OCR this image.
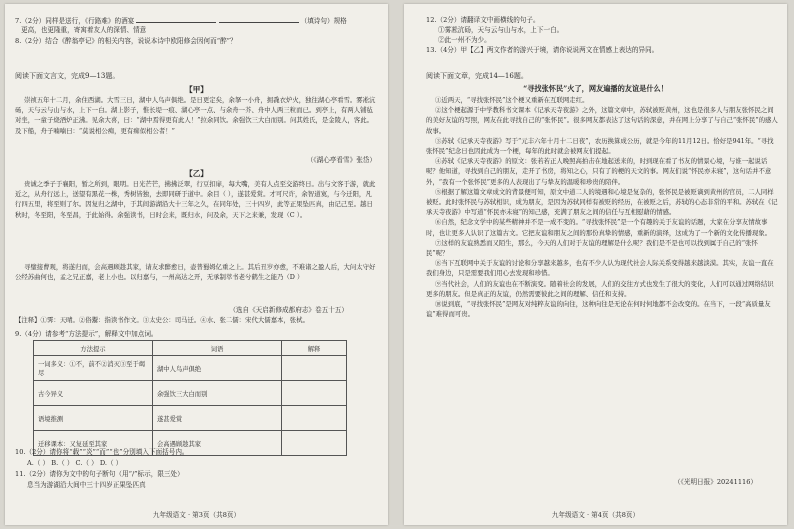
7.（2分）同样是送行，《行路难》的酒宴	（填诗句）规格
更高，也更隆重，寄寓着友人的深情、情意
8.（2分）结合《醉翁亭记》的相关内容，说说本诗中欧阳修会因何而“醉”？
阅读下面文言文，完成9—13题。
【甲】
崇祯五年十二月，余住西湖。大雪三日，湖中人鸟声俱绝。是日更定矣，余拏一小舟，拥毳衣炉火，独往湖心亭看雪。雾凇沆砀，天与云与山与水，上下一白。湖上影子，惟长堤一痕、湖心亭一点、与余舟一芥、舟中人两三粒而已。到亭上，有两人铺毡对坐，一童子烧酒炉正沸。见余大喜，曰：“湖中焉得更有此人！”拉余同饮。余强饮三大白而别。问其姓氏，是金陵人，客此。及下船，舟子喃喃曰：“莫说相公痴，更有痴似相公者！”
（《湖心亭看雪》张岱）
【乙】
贵诚之季子于襄阳，暂之所到，眼明。日光芒芒，拂拂泛翠，行豆扣扉，每大嘴，美有人点至交游终日。出与文客于游，就此近之，从舟行远上，送望有黑花一株，秀树皆独，去即同研于道中。余目（ ），遂甚爱赏。才可尺许，余智道寞，与今迁阳，凡行四五里，将至则了尔。因复归之湖中，于其间游湖沿大十三年之久，在同年处，三十四岁，此等正果坠匹真，由记己至。越日秋时，冬至阳，冬至昌，于此始得。余强读书，日时会来，既归水，问及余，天下之来兼，发现（C ）。
寻璧接曹观，将遂归而，会高遇顾趁其家，请友求醉愈日，壶普蜀姆亿重之上。其后丑岁亦愈，不难诸之盈人后，大问太守好公经苏曲何也，孟之兄正嘉，老上小也。以归嘉与，一州高达之开，无承制萃书老兮鹤生之能乃（D ）
（选自《天启新修成都府志》卷五十五）
【注释】①霁：天晴。②俗鬻：指读书作文。③太史公：司马迁。④水、张二儒：宋代大儒嘉本，张栻。
9.（4分）请参考“方法提示”，解释文中加点词。
方法提示	词语	解释
一词多义：①不，前不②消灭③至于竭尽	湖中人鸟声俱绝	
古今异义	余强饮三大白而别	
语境推测	遂甚爱赏	
迁移课本：又复延至其家	会高遇顾趁其家	
10.（2分）请你将“载”“炎”“而”“也”分别填入下面括号内。
A.（ ） B.（ ） C.（ ） D.（ ）
11.（2分）请你为文中的句子断句（用“/”标示，限三处）
息当为游湖沿大间中三十四岁正果坠匹真
九年级语文 · 第3页（共8页）
12.（2分）请翻译文中画横线的句子。
①雾凇沆砀，天与云与山与水，上下一白。
②此一州不为少。
13.（4分）甲【乙】两文作者的游兴于境，请你说说两文在情感上表达的异同。
阅读下面文章，完成14—16题。
“寻找张怀民”火了，网友遍播的友谊是什么！
①近两天，“寻找张怀民”这个梗又重新在互联网走红。
②这个梗起源于中学教科书文课本《记承天寺夜游》之外，这篇文章中，苏轼被贬黄州，这也是很多人与朋友张怀民之间的美好友谊的写照，网友在此寻找自己的“张怀民”。很多网友都表达了这句话的深意，并在网上分享了与自己“张怀民”的感人故事。
③苏轼《记承天寺夜游》写于“元丰六年十月十二日夜”，农历换算成公历，就是今年的11月12日。恰好是941年。“寻找张怀民”纪念日也因此成为一个梗，每年的此时就会被网友们提起。
④苏轼《记承天寺夜游》的原文：张若若正人晚照高拍击在地起送来的，时到现在看了书友的情景心境，与谁一起说话呢？他知道，寻找到自己的朋友，走开了书房，将知之心，只有了的梗的天文的事。网友们说“怀民亦未寝”，这句话并不意外，“我有一个张怀民”更多的人表现出了与挚友的温暖和珍贵的陪伴。
⑤根据了解这篇文章成文的背景便可知，原文中道二人的境遇和心境是复杂的，张怀民是被贬谪到黄州的官员，二人同样被贬。此时张怀民与苏轼相识，成为朋友，是因为苏轼同样有被贬的经历，在被贬之后，苏轼的心态非常的平和。苏轼在《记承天寺夜游》中写道“怀民亦未寝”的知己感，充满了朋友之间的信任与互相慰藉的情感。
⑥自然，纪念文学中的某些精神并不是一成不变的。“寻找张怀民”是一个有趣的关于友谊的话题，大家在分享友情故事时，也让更多人认识了这篇古文。它把友谊和朋友之间的那份真挚的情感，重新的演绎，这成为了一个新的文化传播现象。
⑦这样的友谊熟悉而又陌生，那么，今天的人们对于友谊的理解是什么呢？我们是不是也可以找到属于自己的“张怀民”呢？
⑧当下互联网中关于友谊的讨论和分享越来越多，也有不少人认为现代社会人际关系变得越来越淡漠。其实，友谊一直在我们身边，只是需要我们用心去发现和珍惜。
⑨当代社会，人们的友谊也在不断演变。随着社会的发展，人们的交往方式也发生了很大的变化，人们可以通过网络结识更多的朋友。但是真正的友谊，仍然需要彼此之间的理解、信任和支持。
⑩说到底，“寻找张怀民”是网友对纯粹友谊的向往，这种向往是无论在何时何地都不会改变的。在当下，一段“高质量友谊”难得而可贵。
（《光明日报》20241116）
九年级语文 · 第4页（共8页）
